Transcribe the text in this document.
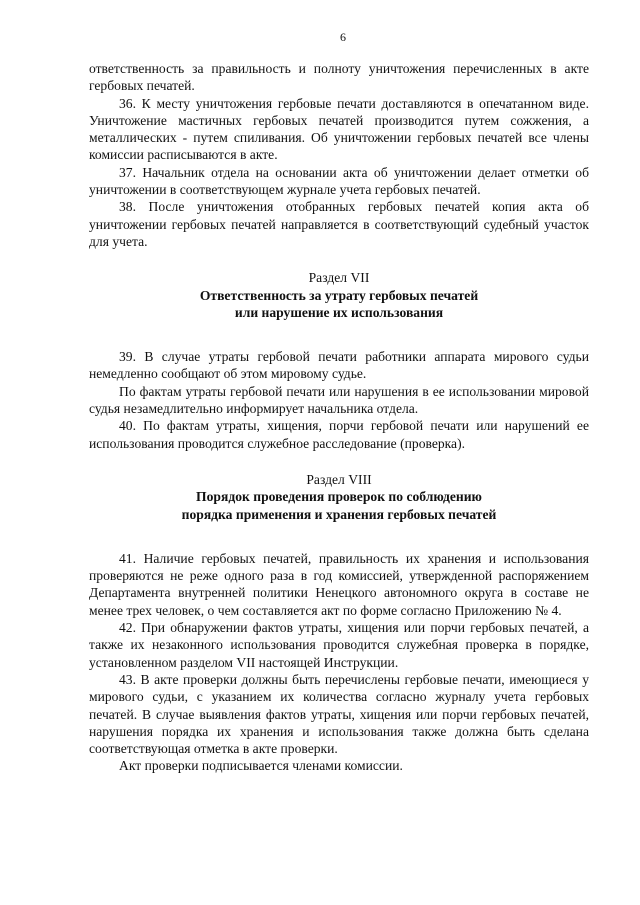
6

ответственность за правильность и полноту уничтожения перечисленных в акте гербовых печатей.

36. К месту уничтожения гербовые печати доставляются в опечатанном виде. Уничтожение мастичных гербовых печатей производится путем сожжения, а металлических - путем спиливания. Об уничтожении гербовых печатей все члены комиссии расписываются в акте.

37. Начальник отдела на основании акта об уничтожении делает отметки об уничтожении в соответствующем журнале учета гербовых печатей.

38. После уничтожения отобранных гербовых печатей копия акта об уничтожении гербовых печатей направляется в соответствующий судебный участок для учета.

Раздел VII
Ответственность за утрату гербовых печатей
или нарушение их использования

39. В случае утраты гербовой печати работники аппарата мирового судьи немедленно сообщают об этом мировому судье.

По фактам утраты гербовой печати или нарушения в ее использовании мировой судья незамедлительно информирует начальника отдела.

40. По фактам утраты, хищения, порчи гербовой печати или нарушений ее использования проводится служебное расследование (проверка).

Раздел VIII
Порядок проведения проверок по соблюдению
порядка применения и хранения гербовых печатей

41. Наличие гербовых печатей, правильность их хранения и использования проверяются не реже одного раза в год комиссией, утвержденной распоряжением Департамента внутренней политики Ненецкого автономного округа в составе не менее трех человек, о чем составляется акт по форме согласно Приложению № 4.

42. При обнаружении фактов утраты, хищения или порчи гербовых печатей, а также их незаконного использования проводится служебная проверка в порядке, установленном разделом VII настоящей Инструкции.

43. В акте проверки должны быть перечислены гербовые печати, имеющиеся у мирового судьи, с указанием их количества согласно журналу учета гербовых печатей. В случае выявления фактов утраты, хищения или порчи гербовых печатей, нарушения порядка их хранения и использования также должна быть сделана соответствующая отметка в акте проверки.

Акт проверки подписывается членами комиссии.
